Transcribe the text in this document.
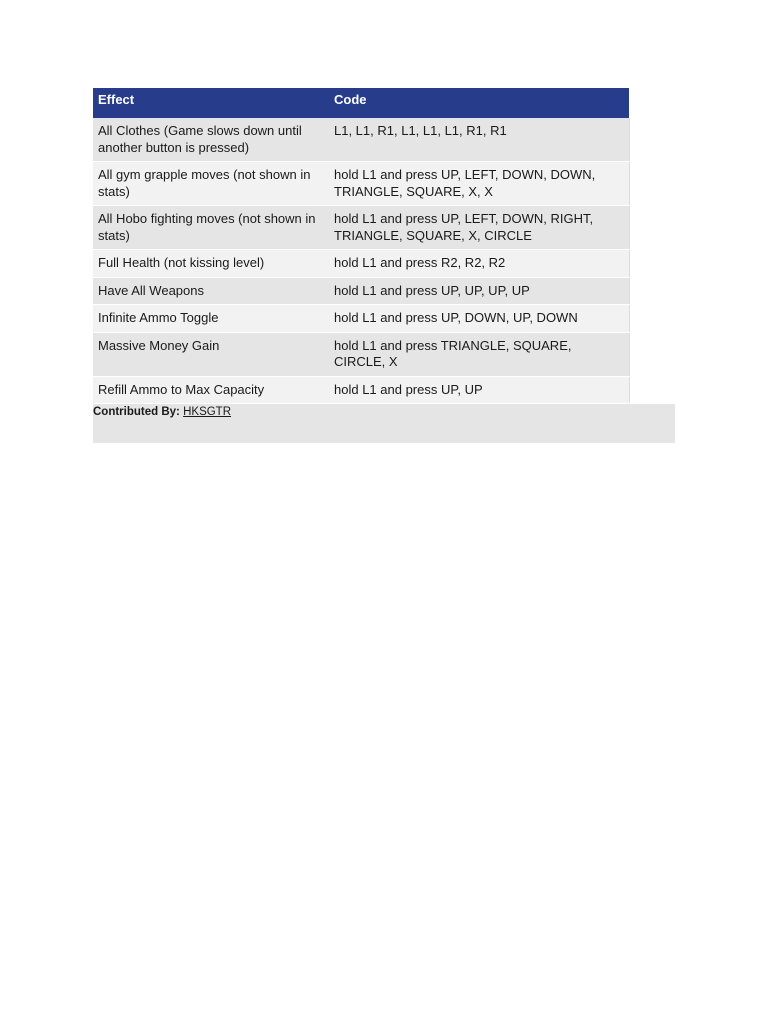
Effect	Code
All Clothes (Game slows down until another button is pressed)	L1, L1, R1, L1, L1, L1, R1, R1
All gym grapple moves (not shown in stats)	hold L1 and press UP, LEFT, DOWN, DOWN, TRIANGLE, SQUARE, X, X
All Hobo fighting moves (not shown in stats)	hold L1 and press UP, LEFT, DOWN, RIGHT, TRIANGLE, SQUARE, X, CIRCLE
Full Health (not kissing level)	hold L1 and press R2, R2, R2
Have All Weapons	hold L1 and press UP, UP, UP, UP
Infinite Ammo Toggle	hold L1 and press UP, DOWN, UP, DOWN
Massive Money Gain	hold L1 and press TRIANGLE, SQUARE, CIRCLE, X
Refill Ammo to Max Capacity	hold L1 and press UP, UP
Contributed By: HKSGTR
